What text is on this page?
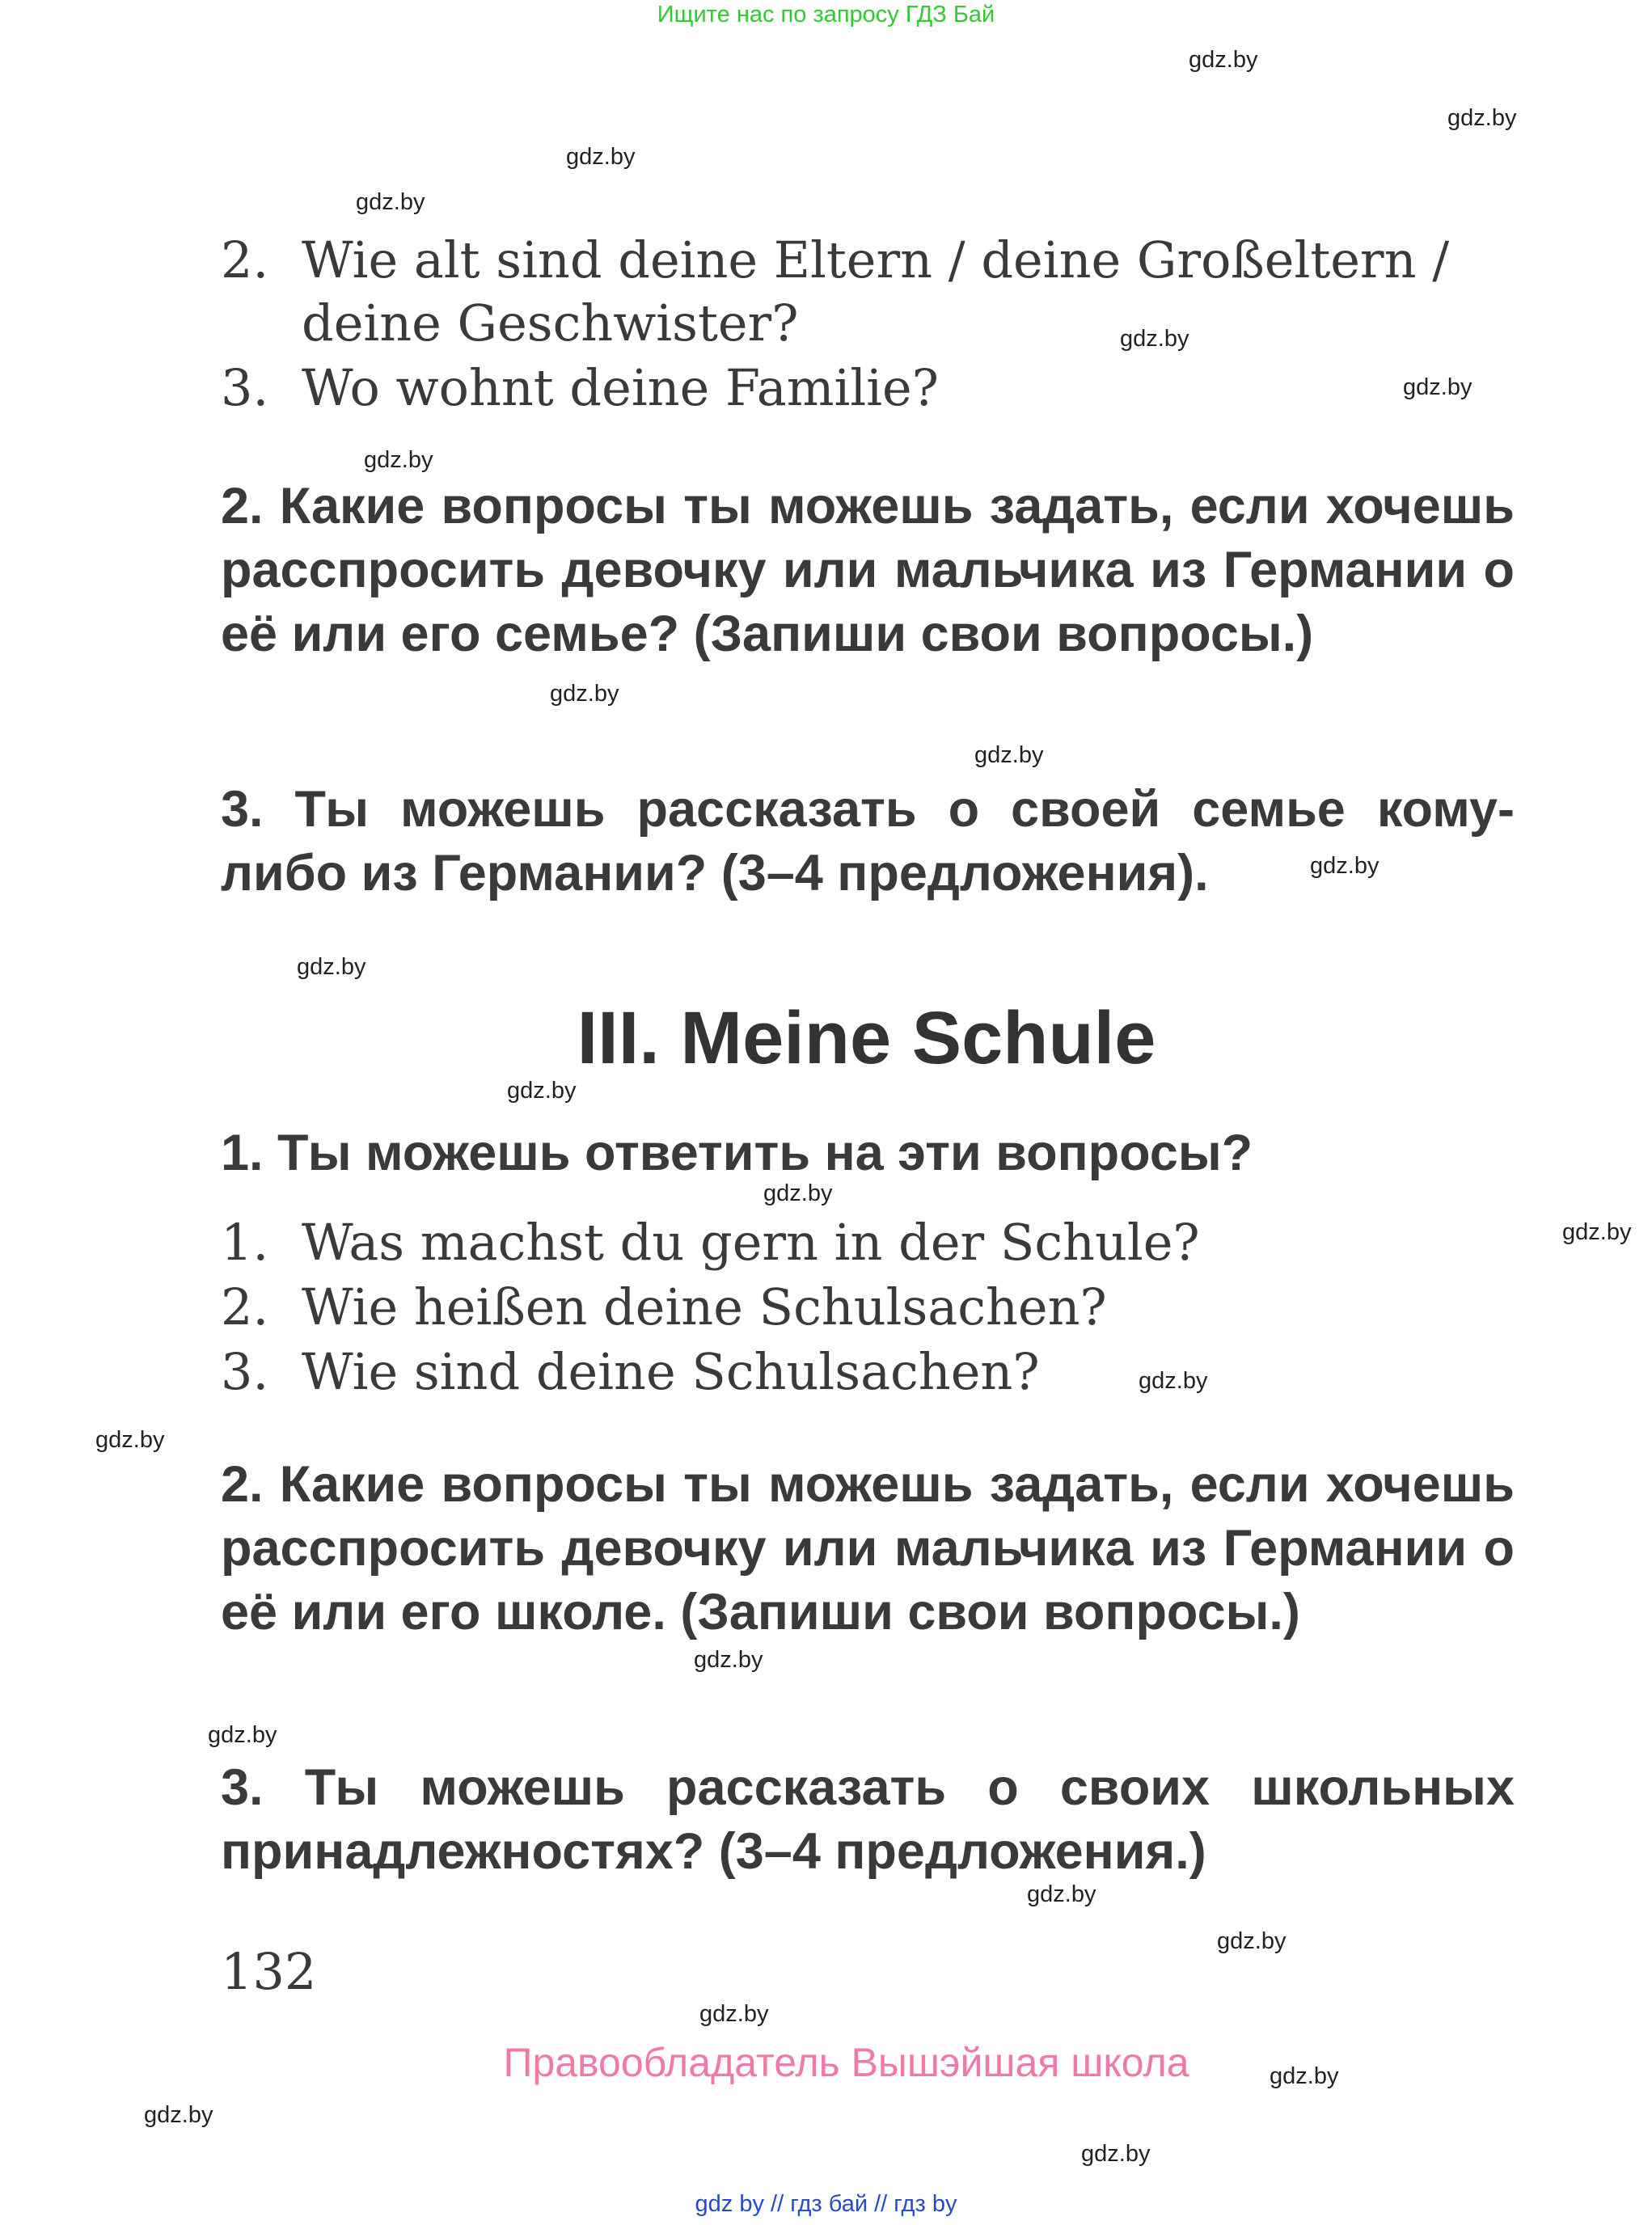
Ищите нас по запросу ГДЗ Бай
gdz.by
gdz.by
gdz.by
gdz.by
gdz.by
gdz.by
gdz.by
gdz.by
gdz.by
gdz.by
gdz.by
gdz.by
gdz.by
gdz.by
gdz.by
gdz.by
gdz.by
gdz.by
gdz.by
gdz.by
gdz.by
gdz.by
gdz.by
gdz.by
2. Wie alt sind deine Eltern / deine Großeltern /
deine Geschwister?
3. Wo wohnt deine Familie?
2. Какие вопросы ты можешь задать, если хочешь расспросить девочку или мальчика из Германии о её или его семье? (Запиши свои вопросы.)
3. Ты можешь рассказать о своей семье кому-либо из Германии? (3–4 предложения).
III. Meine Schule
1. Ты можешь ответить на эти вопросы?
1. Was machst du gern in der Schule?
2. Wie heißen deine Schulsachen?
3. Wie sind deine Schulsachen?
2. Какие вопросы ты можешь задать, если хочешь расспросить девочку или мальчика из Германии о её или его школе. (Запиши свои вопросы.)
3. Ты можешь рассказать о своих школьных принадлежностях? (3–4 предложения.)
132
Правообладатель Вышэйшая школа
gdz by // гдз бай // гдз by
